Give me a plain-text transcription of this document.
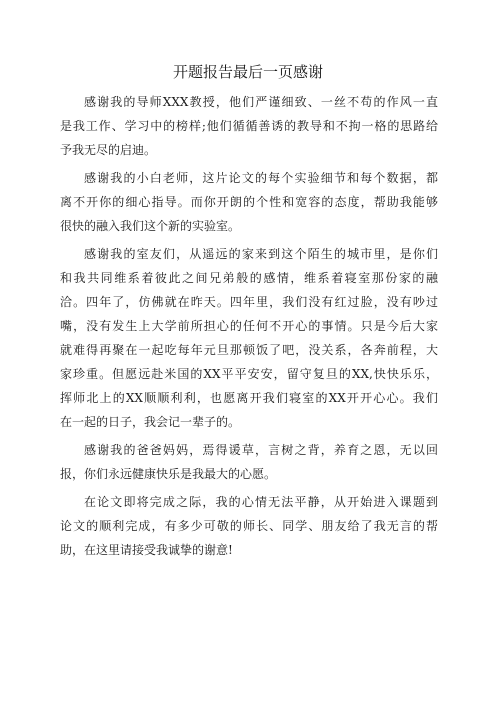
开题报告最后一页感谢
感谢我的导师XXX教授，他们严谨细致、一丝不苟的作风一直
是我工作、学习中的榜样;他们循循善诱的教导和不拘一格的思路给
予我无尽的启迪。
感谢我的小白老师，这片论文的每个实验细节和每个数据，都
离不开你的细心指导。而你开朗的个性和宽容的态度，帮助我能够
很快的融入我们这个新的实验室。
感谢我的室友们，从遥远的家来到这个陌生的城市里，是你们
和我共同维系着彼此之间兄弟般的感情，维系着寝室那份家的融
洽。四年了，仿佛就在昨天。四年里，我们没有红过脸，没有吵过
嘴，没有发生上大学前所担心的任何不开心的事情。只是今后大家
就难得再聚在一起吃每年元旦那顿饭了吧，没关系，各奔前程，大
家珍重。但愿远赴米国的XX平平安安，留守复旦的XX,快快乐乐，
挥师北上的XX顺顺利利，也愿离开我们寝室的XX开开心心。我们
在一起的日子，我会记一辈子的。
感谢我的爸爸妈妈，焉得谖草，言树之背，养育之恩，无以回
报，你们永远健康快乐是我最大的心愿。
在论文即将完成之际，我的心情无法平静，从开始进入课题到
论文的顺利完成，有多少可敬的师长、同学、朋友给了我无言的帮
助，在这里请接受我诚挚的谢意!
